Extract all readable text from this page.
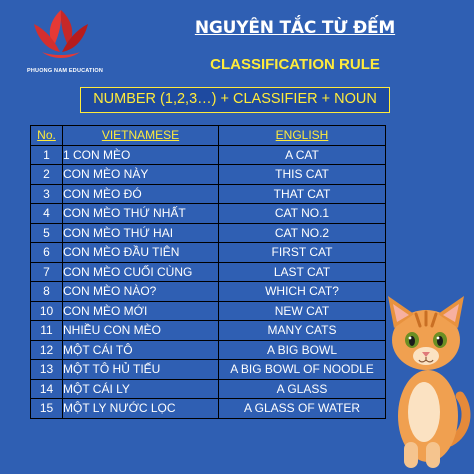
PHUONG NAM EDUCATION
NGUYÊN TẮC TỪ ĐẾM
CLASSIFICATION RULE
NUMBER (1,2,3…) + CLASSIFIER + NOUN
No.	VIETNAMESE	ENGLISH
1	1 CON MÈO	A CAT
2	CON MÈO NÀY	THIS CAT
3	CON MÈO ĐÓ	THAT CAT
4	CON MÈO THỨ NHẤT	CAT NO.1
5	CON MÈO THỨ HAI	CAT NO.2
6	CON MÈO ĐẦU TIÊN	FIRST CAT
7	CON MÈO CUỐI CÙNG	LAST CAT
8	CON MÈO NÀO?	WHICH CAT?
10	CON MÈO MỚI	NEW CAT
11	NHIỀU CON MÈO	MANY CATS
12	MỘT CÁI TÔ	A BIG BOWL
13	MỘT TÔ HỦ TIẾU	A BIG BOWL OF NOODLE
14	MỘT CÁI LY	A GLASS
15	MỘT LY NƯỚC LỌC	A GLASS OF WATER
